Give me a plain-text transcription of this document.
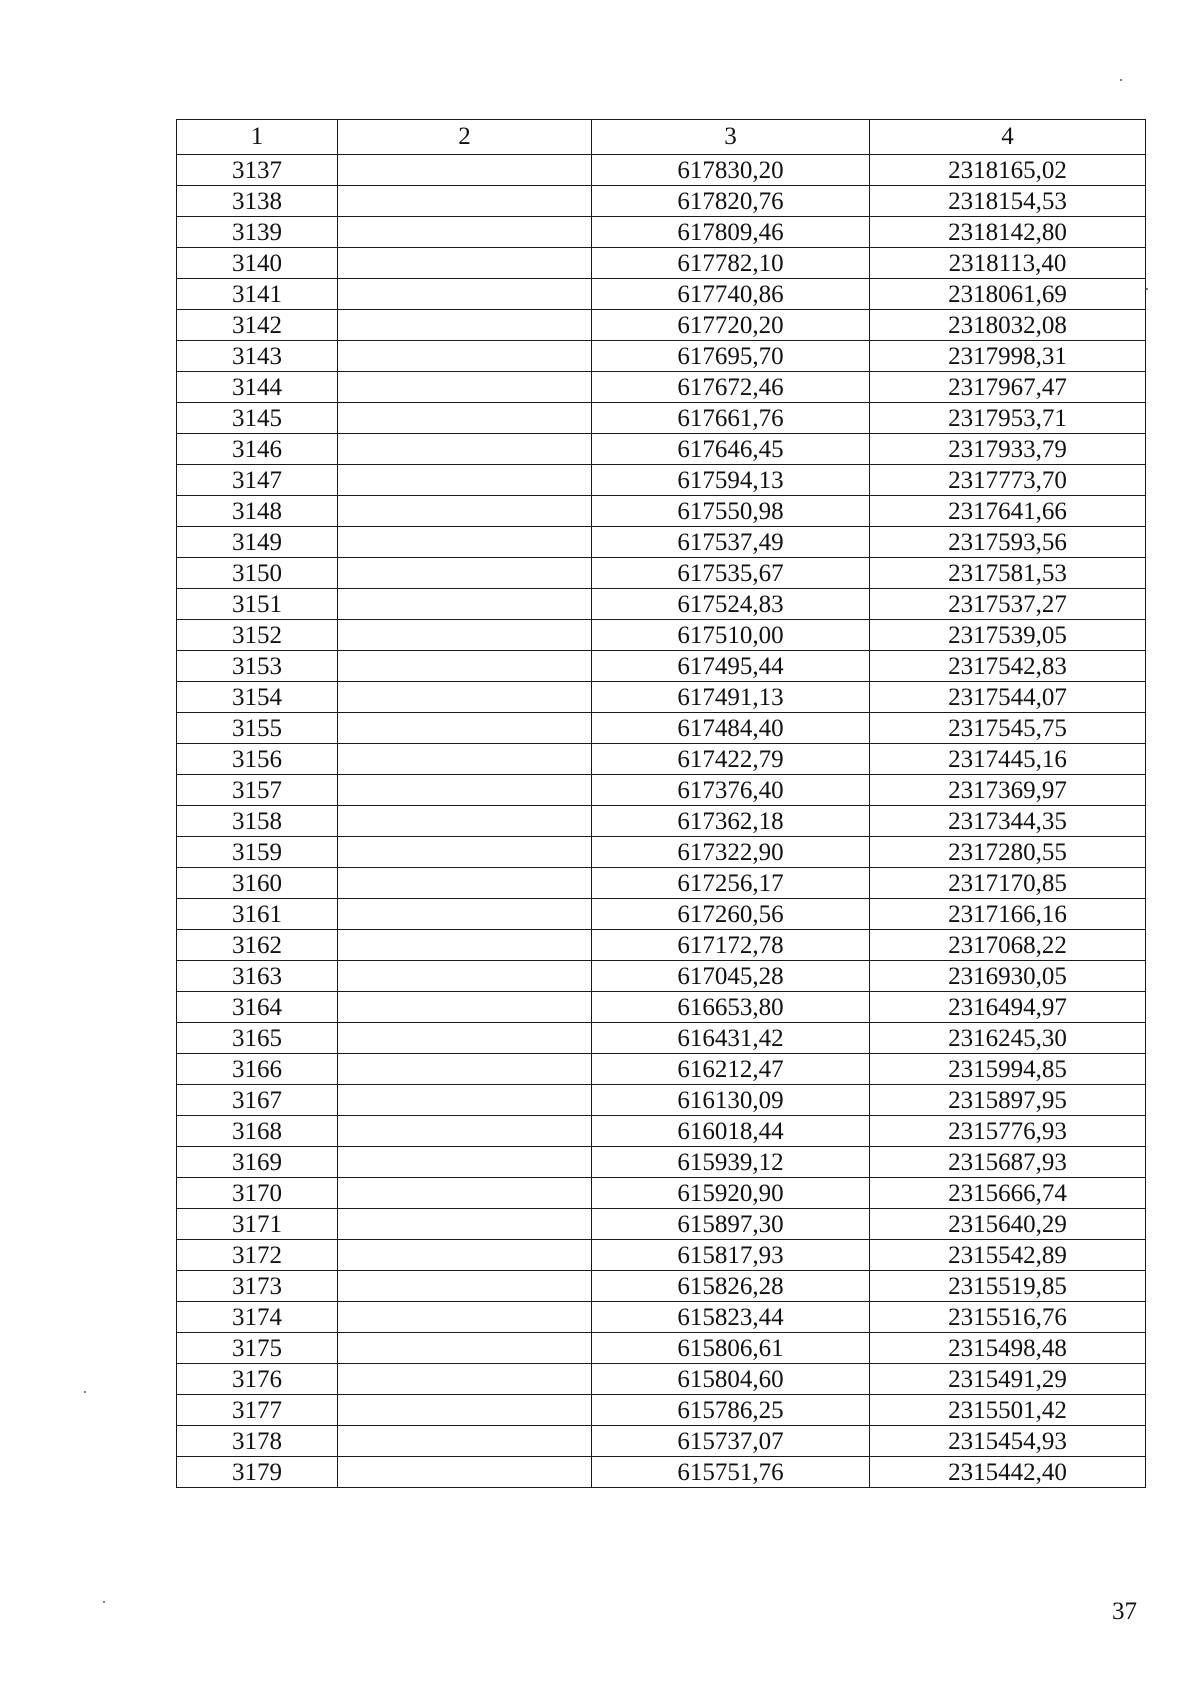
1	2	3	4
3137		617830,20	2318165,02
3138		617820,76	2318154,53
3139		617809,46	2318142,80
3140		617782,10	2318113,40
3141		617740,86	2318061,69
3142		617720,20	2318032,08
3143		617695,70	2317998,31
3144		617672,46	2317967,47
3145		617661,76	2317953,71
3146		617646,45	2317933,79
3147		617594,13	2317773,70
3148		617550,98	2317641,66
3149		617537,49	2317593,56
3150		617535,67	2317581,53
3151		617524,83	2317537,27
3152		617510,00	2317539,05
3153		617495,44	2317542,83
3154		617491,13	2317544,07
3155		617484,40	2317545,75
3156		617422,79	2317445,16
3157		617376,40	2317369,97
3158		617362,18	2317344,35
3159		617322,90	2317280,55
3160		617256,17	2317170,85
3161		617260,56	2317166,16
3162		617172,78	2317068,22
3163		617045,28	2316930,05
3164		616653,80	2316494,97
3165		616431,42	2316245,30
3166		616212,47	2315994,85
3167		616130,09	2315897,95
3168		616018,44	2315776,93
3169		615939,12	2315687,93
3170		615920,90	2315666,74
3171		615897,30	2315640,29
3172		615817,93	2315542,89
3173		615826,28	2315519,85
3174		615823,44	2315516,76
3175		615806,61	2315498,48
3176		615804,60	2315491,29
3177		615786,25	2315501,42
3178		615737,07	2315454,93
3179		615751,76	2315442,40
37
